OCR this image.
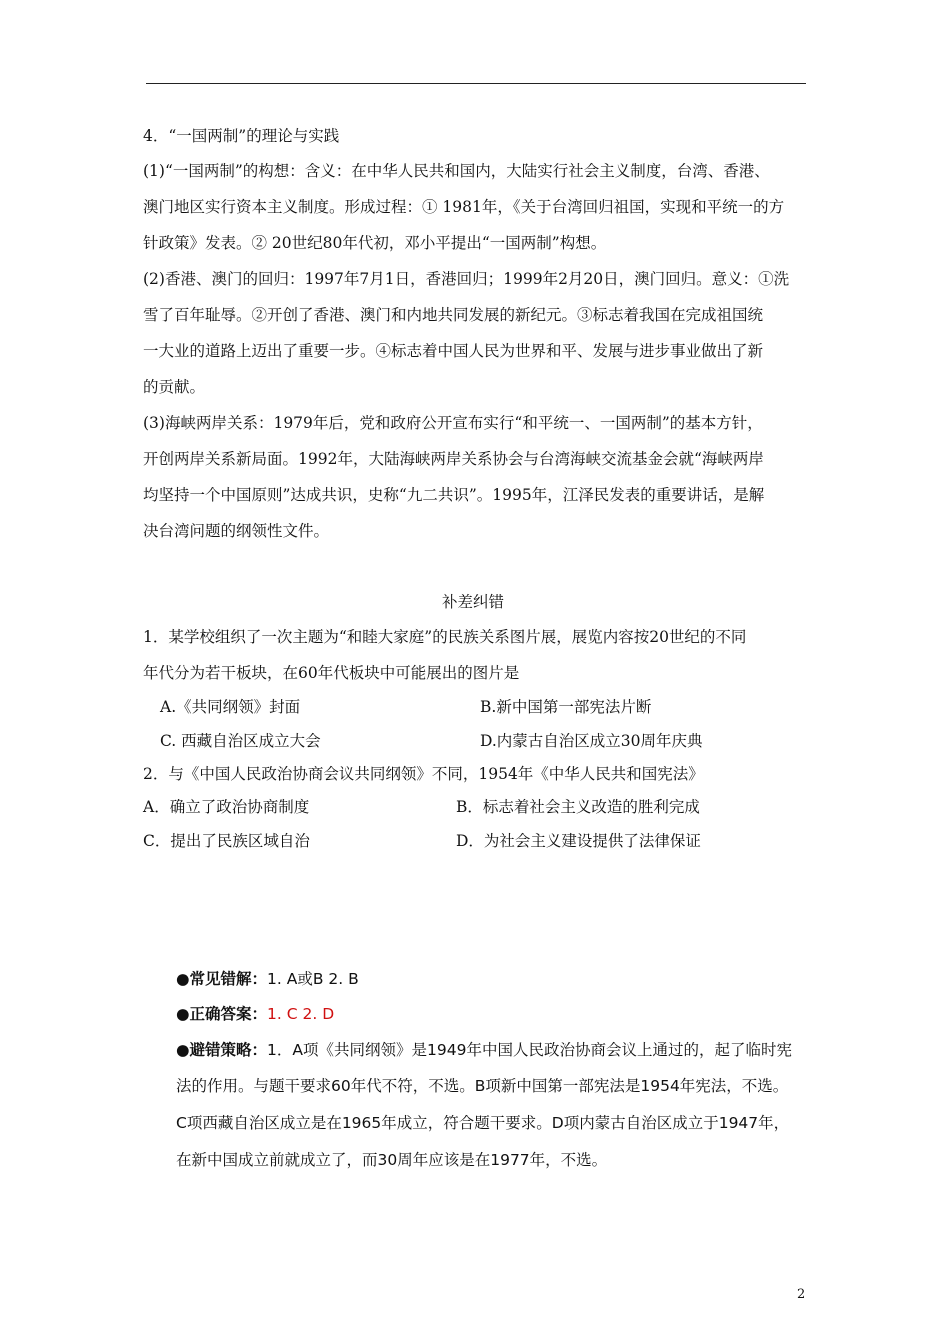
4．“一国两制”的理论与实践
(1)“一国两制”的构想：含义：在中华人民共和国内，大陆实行社会主义制度，台湾、香港、
澳门地区实行资本主义制度。形成过程：① 1981年，《关于台湾回归祖国，实现和平统一的方
针政策》发表。② 20世纪80年代初，邓小平提出“一国两制”构想。
(2)香港、澳门的回归：1997年7月1日，香港回归；1999年2月20日，澳门回归。意义：①洗
雪了百年耻辱。②开创了香港、澳门和内地共同发展的新纪元。③标志着我国在完成祖国统
一大业的道路上迈出了重要一步。④标志着中国人民为世界和平、发展与进步事业做出了新
的贡献。
(3)海峡两岸关系：1979年后，党和政府公开宣布实行“和平统一、一国两制”的基本方针，
开创两岸关系新局面。1992年，大陆海峡两岸关系协会与台湾海峡交流基金会就“海峡两岸
均坚持一个中国原则”达成共识，史称“九二共识”。1995年，江泽民发表的重要讲话，是解
决台湾问题的纲领性文件。
补差纠错
1．某学校组织了一次主题为“和睦大家庭”的民族关系图片展，展览内容按20世纪的不同
年代分为若干板块，在60年代板块中可能展出的图片是
A.《共同纲领》封面	B.新中国第一部宪法片断
C. 西藏自治区成立大会	D.内蒙古自治区成立30周年庆典
2．与《中国人民政治协商会议共同纲领》不同，1954年《中华人民共和国宪法》
A．确立了政治协商制度	B．标志着社会主义改造的胜利完成
C．提出了民族区域自治	D．为社会主义建设提供了法律保证
●常见错解：1. A或B 2. B
●正确答案：1. C 2. D
●避错策略：1．A项《共同纲领》是1949年中国人民政治协商会议上通过的，起了临时宪
法的作用。与题干要求60年代不符，不选。B项新中国第一部宪法是1954年宪法，不选。
C项西藏自治区成立是在1965年成立，符合题干要求。D项内蒙古自治区成立于1947年，
在新中国成立前就成立了，而30周年应该是在1977年，不选。
2
